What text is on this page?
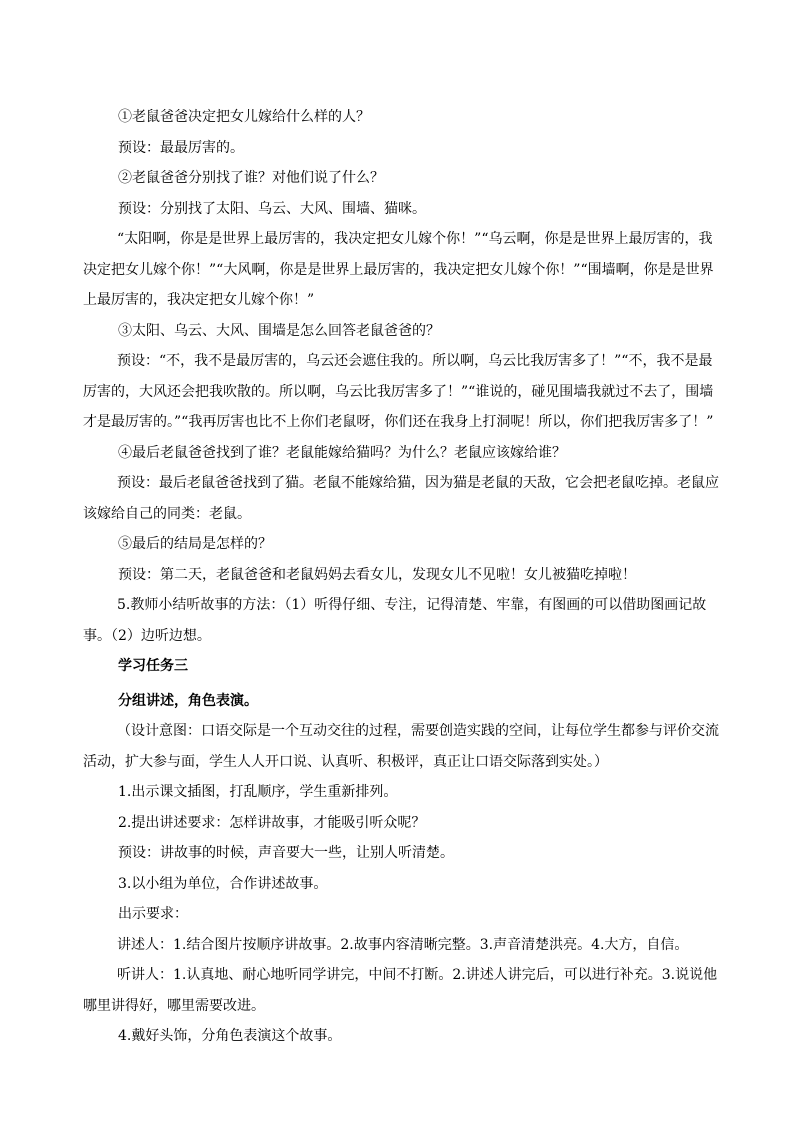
①老鼠爸爸决定把女儿嫁给什么样的人？

预设：最最厉害的。

②老鼠爸爸分别找了谁？对他们说了什么？

预设：分别找了太阳、乌云、大风、围墙、猫咪。

“太阳啊，你是是世界上最厉害的，我决定把女儿嫁个你！”“乌云啊，你是是世界上最厉害的，我决定把女儿嫁个你！”“大风啊，你是是世界上最厉害的，我决定把女儿嫁个你！”“围墙啊，你是是世界上最厉害的，我决定把女儿嫁个你！”

③太阳、乌云、大风、围墙是怎么回答老鼠爸爸的？

预设：“不，我不是最厉害的，乌云还会遮住我的。所以啊，乌云比我厉害多了！”“不，我不是最厉害的，大风还会把我吹散的。所以啊，乌云比我厉害多了！”“谁说的，碰见围墙我就过不去了，围墙才是最厉害的。”“我再厉害也比不上你们老鼠呀，你们还在我身上打洞呢！所以，你们把我厉害多了！”

④最后老鼠爸爸找到了谁？老鼠能嫁给猫吗？为什么？老鼠应该嫁给谁？

预设：最后老鼠爸爸找到了猫。老鼠不能嫁给猫，因为猫是老鼠的天敌，它会把老鼠吃掉。老鼠应该嫁给自己的同类：老鼠。

⑤最后的结局是怎样的？

预设：第二天，老鼠爸爸和老鼠妈妈去看女儿，发现女儿不见啦！女儿被猫吃掉啦！

5.教师小结听故事的方法：（1）听得仔细、专注，记得清楚、牢靠，有图画的可以借助图画记故事。（2）边听边想。

学习任务三

分组讲述，角色表演。

（设计意图：口语交际是一个互动交往的过程，需要创造实践的空间，让每位学生都参与评价交流活动，扩大参与面，学生人人开口说、认真听、积极评，真正让口语交际落到实处。）

1.出示课文插图，打乱顺序，学生重新排列。

2.提出讲述要求：怎样讲故事，才能吸引听众呢？

预设：讲故事的时候，声音要大一些，让别人听清楚。

3.以小组为单位，合作讲述故事。

出示要求：

讲述人：1.结合图片按顺序讲故事。2.故事内容清晰完整。3.声音清楚洪亮。4.大方，自信。

听讲人：1.认真地、耐心地听同学讲完，中间不打断。2.讲述人讲完后，可以进行补充。3.说说他哪里讲得好，哪里需要改进。

4.戴好头饰，分角色表演这个故事。
